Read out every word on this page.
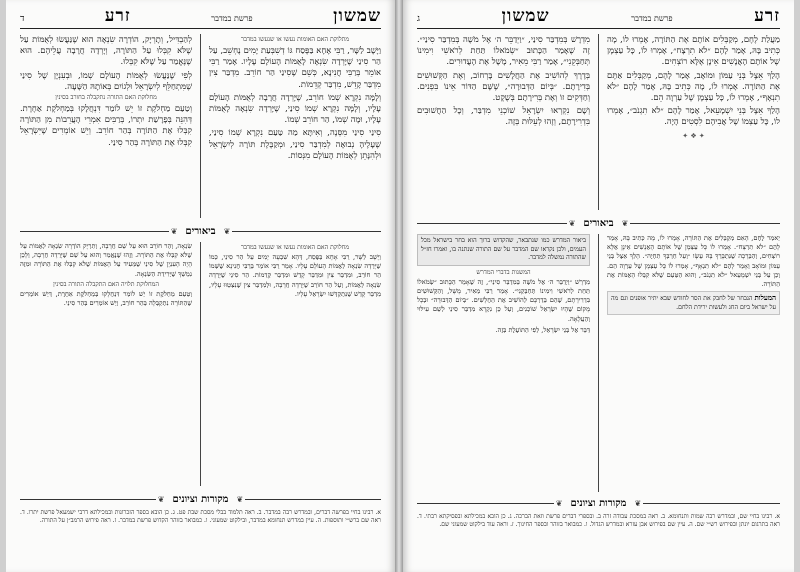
שמשון
פרשת במדבר
זרע
ד
מתלוקת האם האומות נעשו או שנעשו במדבר

וַיָּשָׁב לַשָּׁר, רַבִּי אָחָא בַּפֶּסַח גּוֹ דְשִׁבְּעַת יָמִים נֶחְשֵׁב, עַל הַר סִינַי שֶׁיָּרְדָה שִׂנְאָה לָאֻמּוֹת הָעוֹלָם עָלָיו. אָמַר רַבִּי אוֹמֵר בְּרַבִּי חֲנִינָא, כְּשֵׁם שֶׁסִינַי הַר חוֹרֵב. מִדְבַּר צִין מִדְבַּר קָדֵשׁ, מִדְבַּר קְדֵמוֹת.

וְלָמָּה נִקְרָא שְׁמוֹ חוֹרֵב, שֶׁיָּרְדָה חֲרָבָה לְאֻמּוֹת הָעוֹלָם עָלָיו, וְלָמָּה נִקְרָא שְׁמוֹ סִינַי, שֶׁיָּרְדָה שִׂנְאָה לָאֻמּוֹת עָלָיו, וּמָה שְׁמוֹ, הַר חוֹרֵב שְׁמוֹ.

סִינַי סִינַי מִסְּנֶה, וְאִיתָּא מַה טַּעַם נִקְרָא שְׁמוֹ סִינַי, שֶׁעָלֶיהָ נְבוּאָה לְמִדְבַּר סִינַי, וּמְקַבֶּלֶת תּוֹרָה לְיִשְׂרָאֵל וּלְהִנָּתֵן לְאֻמּוֹת הָעוֹלָם מִנְּסוֹת.

לְהַבְדִּיל, וְתָרְיָק, הוֹדְרָה שִׂנְאָה הוּא שֶׁנַּעֲשׂוּ לְאֻמּוֹת עַל שֶׁלֹּא קִבְּלוּ עַל הַתּוֹרָה, וְיָרְדָה חֲרָבָה עֲלֵיהֶם. הוּא שֶׁנֶּאֱמַר עַל שֶׁלֹּא קִבְּלוּ.

לְפִי שֶׁנַּעֲשׂוּ לְאֻמּוֹת הָעוֹלָם שְׁמוֹ, וּבְעִנְיָן שֶׁל סִינַי שֶׁמִּתְחַלֵּף לְיִשְׂרָאֵל וּלְגוֹיִם בְּאוֹתָהּ הַשָּׁעָה.

מחלוקת האם התורה נתקבלה בחורב בסינין

וְטַעַם מַחְלֹקֶת זוֹ יֵשׁ לוֹמַר דִּנְחֲלָקוּ בְּמַחְלֹקֶת אַחֶרֶת. דְּהִנֵּה בְּפָרָשַׁת יִתְרוֹ, בְּרַבִּים אִמְרֵי הָעֲרֵבוֹת מִן הַתּוֹרָה קִבְּלוּ אֶת הַתּוֹרָה בְּהַר חוֹרֵב. וְיֵשׁ אוֹמְרִים שֶׁיִּשְׂרָאֵל קִבְּלוּ אֶת הַתּוֹרָה בְּהַר סִינַי.

❦
ביאורים
❦
מחלוקת האם האומות נעשו או שנעשו במדבר

וַיָּשָׁב לַשָּׁר, רַבִּי אָחָא בַּפֶּסַח, דְּהָא שִׁבְעָה יָמִים עַל הַר סִינַי, כְּמוֹ שֶׁיָּרְדָה שִׂנְאָה לְאֻמּוֹת הָעוֹלָם עָלָיו. אָמַר רַבִּי אוֹמֵר בְּרַבִּי חֲנִינָא שֶׁשְּׁמוֹ הַר חוֹרֵב, וּמִדְבַּר צִין וּמִדְבַּר קָדֵשׁ וּמִדְבַּר קְדֵמוֹת. הַר סִינַי שֶׁיָּרְדָה שִׂנְאָה לְאֻמּוֹת, וְעַל הַר חוֹרֵב שֶׁיָּרְדָה חֲרָבָה, וּלְמִדְבַּר צִין שֶׁנִּצְטַוּוּ עָלָיו, מִדְבַּר קָדֵשׁ שֶׁנִּתְקַדְּשׁוּ יִשְׂרָאֵל עָלָיו.

שִׂנְאָה, וְהַר חוֹרֵב הוּא עַל שֵׁם חֲרָבָה, וְתִרְיָק הוֹדְרָה שִׂנְאָה לְאֻמּוֹת עַל שֶׁלֹּא קִבְּלוּ אֶת הַתּוֹרָה. וְזֶהוּ שֶׁנֶּאֱמַר וְהוּא עַל שֵׁם שֶׁיָּרְדָה חֲרָבָה, וְלָכֵן הָיָה הָעִנְיָן שֶׁל סִינַי שֶׁמֵּעִיד עַל הָאֻמּוֹת שֶׁלֹּא קִבְּלוּ אֶת הַתּוֹרָה וּמִזֶּה נִמְשַׁךְ שֶׁיְּרִידַת הַשִּׂנְאָה.

המחלוקת תלויה האם התקבלה התורה בסינין

וְטַעַם מַחְלֹקֶת זוֹ יֵשׁ לוֹמַר דִּנְחֲלָקוּ בְּמַחְלֹקֶת אַחֶרֶת, דְּיֵשׁ אוֹמְרִים שֶׁהַתּוֹרָה נִתְקַבְּלָה בְּהַר חוֹרֵב, וְיֵשׁ אוֹמְרִים בְּהַר סִינַי.

❦
מקורות וציונים
❦
א. רבינו בחיי בפרשה דברים, ובמדרש רבה במדבר. ב. ראה תלמוד בבלי מסכת שבת פט. ג. כן הובא בספר הזכרונות ובמכילתא דרבי ישמעאל פרשת יתרו. ד. ראה שם ברש״י ותוספות. ה. עיין במדרש תנחומא במדבר, ובילקוט שמעוני. ו. כמבואר בזוהר הקדוש פרשת במדבר. ז. ראה פירוש הרמב״ן על התורה.
זרע
פרשת במדבר
שמשון
ג

מַעֲלַת לֶחֶם, מְקַבְּלִים אוֹתָם אֶת הַתּוֹרָה, אָמְרוּ לוֹ, מָה כְּתִיב בָּהּ, אָמַר לָהֶם ״לֹא תִרְצָח״, אָמְרוּ לוֹ, כָּל עַצְמָן שֶׁל אוֹתָם הָאֲנָשִׁים אֵינָן אֶלָּא רוֹצְחִים.

הָלַךְ אֵצֶל בְּנֵי עַמּוֹן וּמוֹאָב, אָמַר לָהֶם, מְקַבְּלִים אַתֶּם אֶת הַתּוֹרָה. אָמְרוּ לוֹ, מָה כְּתִיב בָּהּ, אָמַר לָהֶם ״לֹא תִנְאָף״, אָמְרוּ לוֹ, כָּל עַצְמָן שֶׁל עַרְוָה הֵם.

הָלַךְ אֵצֶל בְּנֵי יִשְׁמָעֵאל, אָמַר לָהֶם ״לֹא תִגְנֹב״, אָמְרוּ לוֹ, כָּל עַצְמוֹ שֶׁל אֲבִיהֶם לִסְטִים הָיָה.

✦ ❖ ✦

מִדְרָשׁ בְּמִדְבַּר סִינַי, ״וַיְדַבֵּר ה׳ אֶל מֹשֶׁה בְּמִדְבַּר סִינַי״. זֶה שֶׁאָמַר הַכָּתוּב ״שְׂמֹאלוֹ תַּחַת לְרֹאשִׁי וִימִינוֹ תְּחַבְּקֵנִי״, אָמַר רַבִּי מֵאִיר, מָשָׁל אֶת הָעֲדוּרִים.

בְּדֶרֶךְ לְהוֹשִׁיב אֶת הַחֲלָשִׁים בָּרְחוֹב, וְאֶת הַקְּשׁוּשִׁים בְּדִירָתָם. ״בְּיוֹם הַדְּבוּרָה״, שֶׁשָּׁם הַדּוֹר אֵינוֹ בִּפְנִים. וְחַדְּקִים זוֹ וְאֶת בְּרִירָתָם בְּשֶׁקֶט.

וְשָׁם נִקְרְאוּ יִשְׂרָאֵל שׁוֹכְנֵי מִדְבַּר, וְכָל הַחֲשׁוּבִים בִּדְרִירָתָם, וְזֶהוּ לְעֵלּוּת בְּזֶה.

❦
ביאורים
❦

יְאמַר לֶחֶם, הָאִם מְקַבְּלִים אֶת הַתּוֹרָה, אָמְרוּ לוֹ, מָה כְּתִיב בָּהּ, אָמַר לָהֶם ״לֹא תִרְצָח״. אָמְרוּ לוֹ כָּל עַצְמָן שֶׁל אוֹתָם הָאֲנָשִׁים אֵינָן אֶלָּא רוֹצְחִים, וְהַבְּרָכָה שֶׁנִּתְבָּרֵךְ בָּהּ עֵשָׂו ״וְעַל חַרְבְּךָ תִחְיֶה״. הָלַךְ אֵצֶל בְּנֵי עַמּוֹן וּמוֹאָב וְאָמַר לָהֶם ״לֹא תִנְאָף״, אָמְרוּ לוֹ כָּל עַצְמָן שֶׁל עַרְוָה הֵם. וְכֵן עַל בְּנֵי יִשְׁמָעֵאל ״לֹא תִגְנֹב״, וְהוּא הַטַּעַם שֶׁלֹּא קִבְּלוּ הָאֻמּוֹת אֶת הַתּוֹרָה.

המעלות הנבחר של לחבק את הסר לחודש שבא יתיר אופנים וגם מה על ישראל ביום החג ולעשות ירידת הלחם.
ביאור המדרש כמו שנתבאר, שהקדוש ברוך הוא בחר בישראל מכל העמים, ולכן נקראו שם המדבר על שם התורה שנתנה בו, ואמרו חז״ל שהתורה נמשלה למדבר.
המשנות בדברי המדרש

מִדְרָשׁ ״וַיְדַבֵּר ה׳ אֶל מֹשֶׁה בְּמִדְבַּר סִינַי״, זֶה שֶׁאָמַר הַכָּתוּב ״שְׂמֹאלוֹ תַּחַת לְרֹאשִׁי וִימִינוֹ תְּחַבְּקֵנִי״. אָמַר רַבִּי מֵאִיר, מָשָׁל, וְהַקְּשׁוּשִׁים בִּדְרִירָתָם, שֶׁהֵם בְּדַרְכָּם לְהוֹשִׁיב אֶת הַחֲלָשִׁים. ״בְּיוֹם הַדְּבוּרָה״ וּבְכָל מָקוֹם שֶׁהָיוּ יִשְׂרָאֵל שׁוֹכְנִים, וְעַל כֵּן נִקְרָא מִדְבַּר סִינַי לְשֵׁם עִילּוּי וְהַעֲלָאָה.

דַּבֵּר אֶל בְּנֵי יִשְׂרָאֵל, לְפִי הַתּוֹעֶלֶת בְּזֶה.

❦
מקורות וציונים
❦
א. רבינו בחיי שם, ובמדרש רבה שמות ותנחומא. ב. ראה במסכת עבודה זרה ב. ובספרי דברים פרשת וזאת הברכה. ג. כן הובא במכילתא ובפסיקתא רבתי. ד. ראה בתרגום יונתן ובפירוש רש״י שם. ה. עיין שם בפירוש אבן עזרא ובמדרש הגדול. ו. כמבואר בזוהר ובספר החינוך. ז. וראה עוד בילקוט שמעוני שם.
